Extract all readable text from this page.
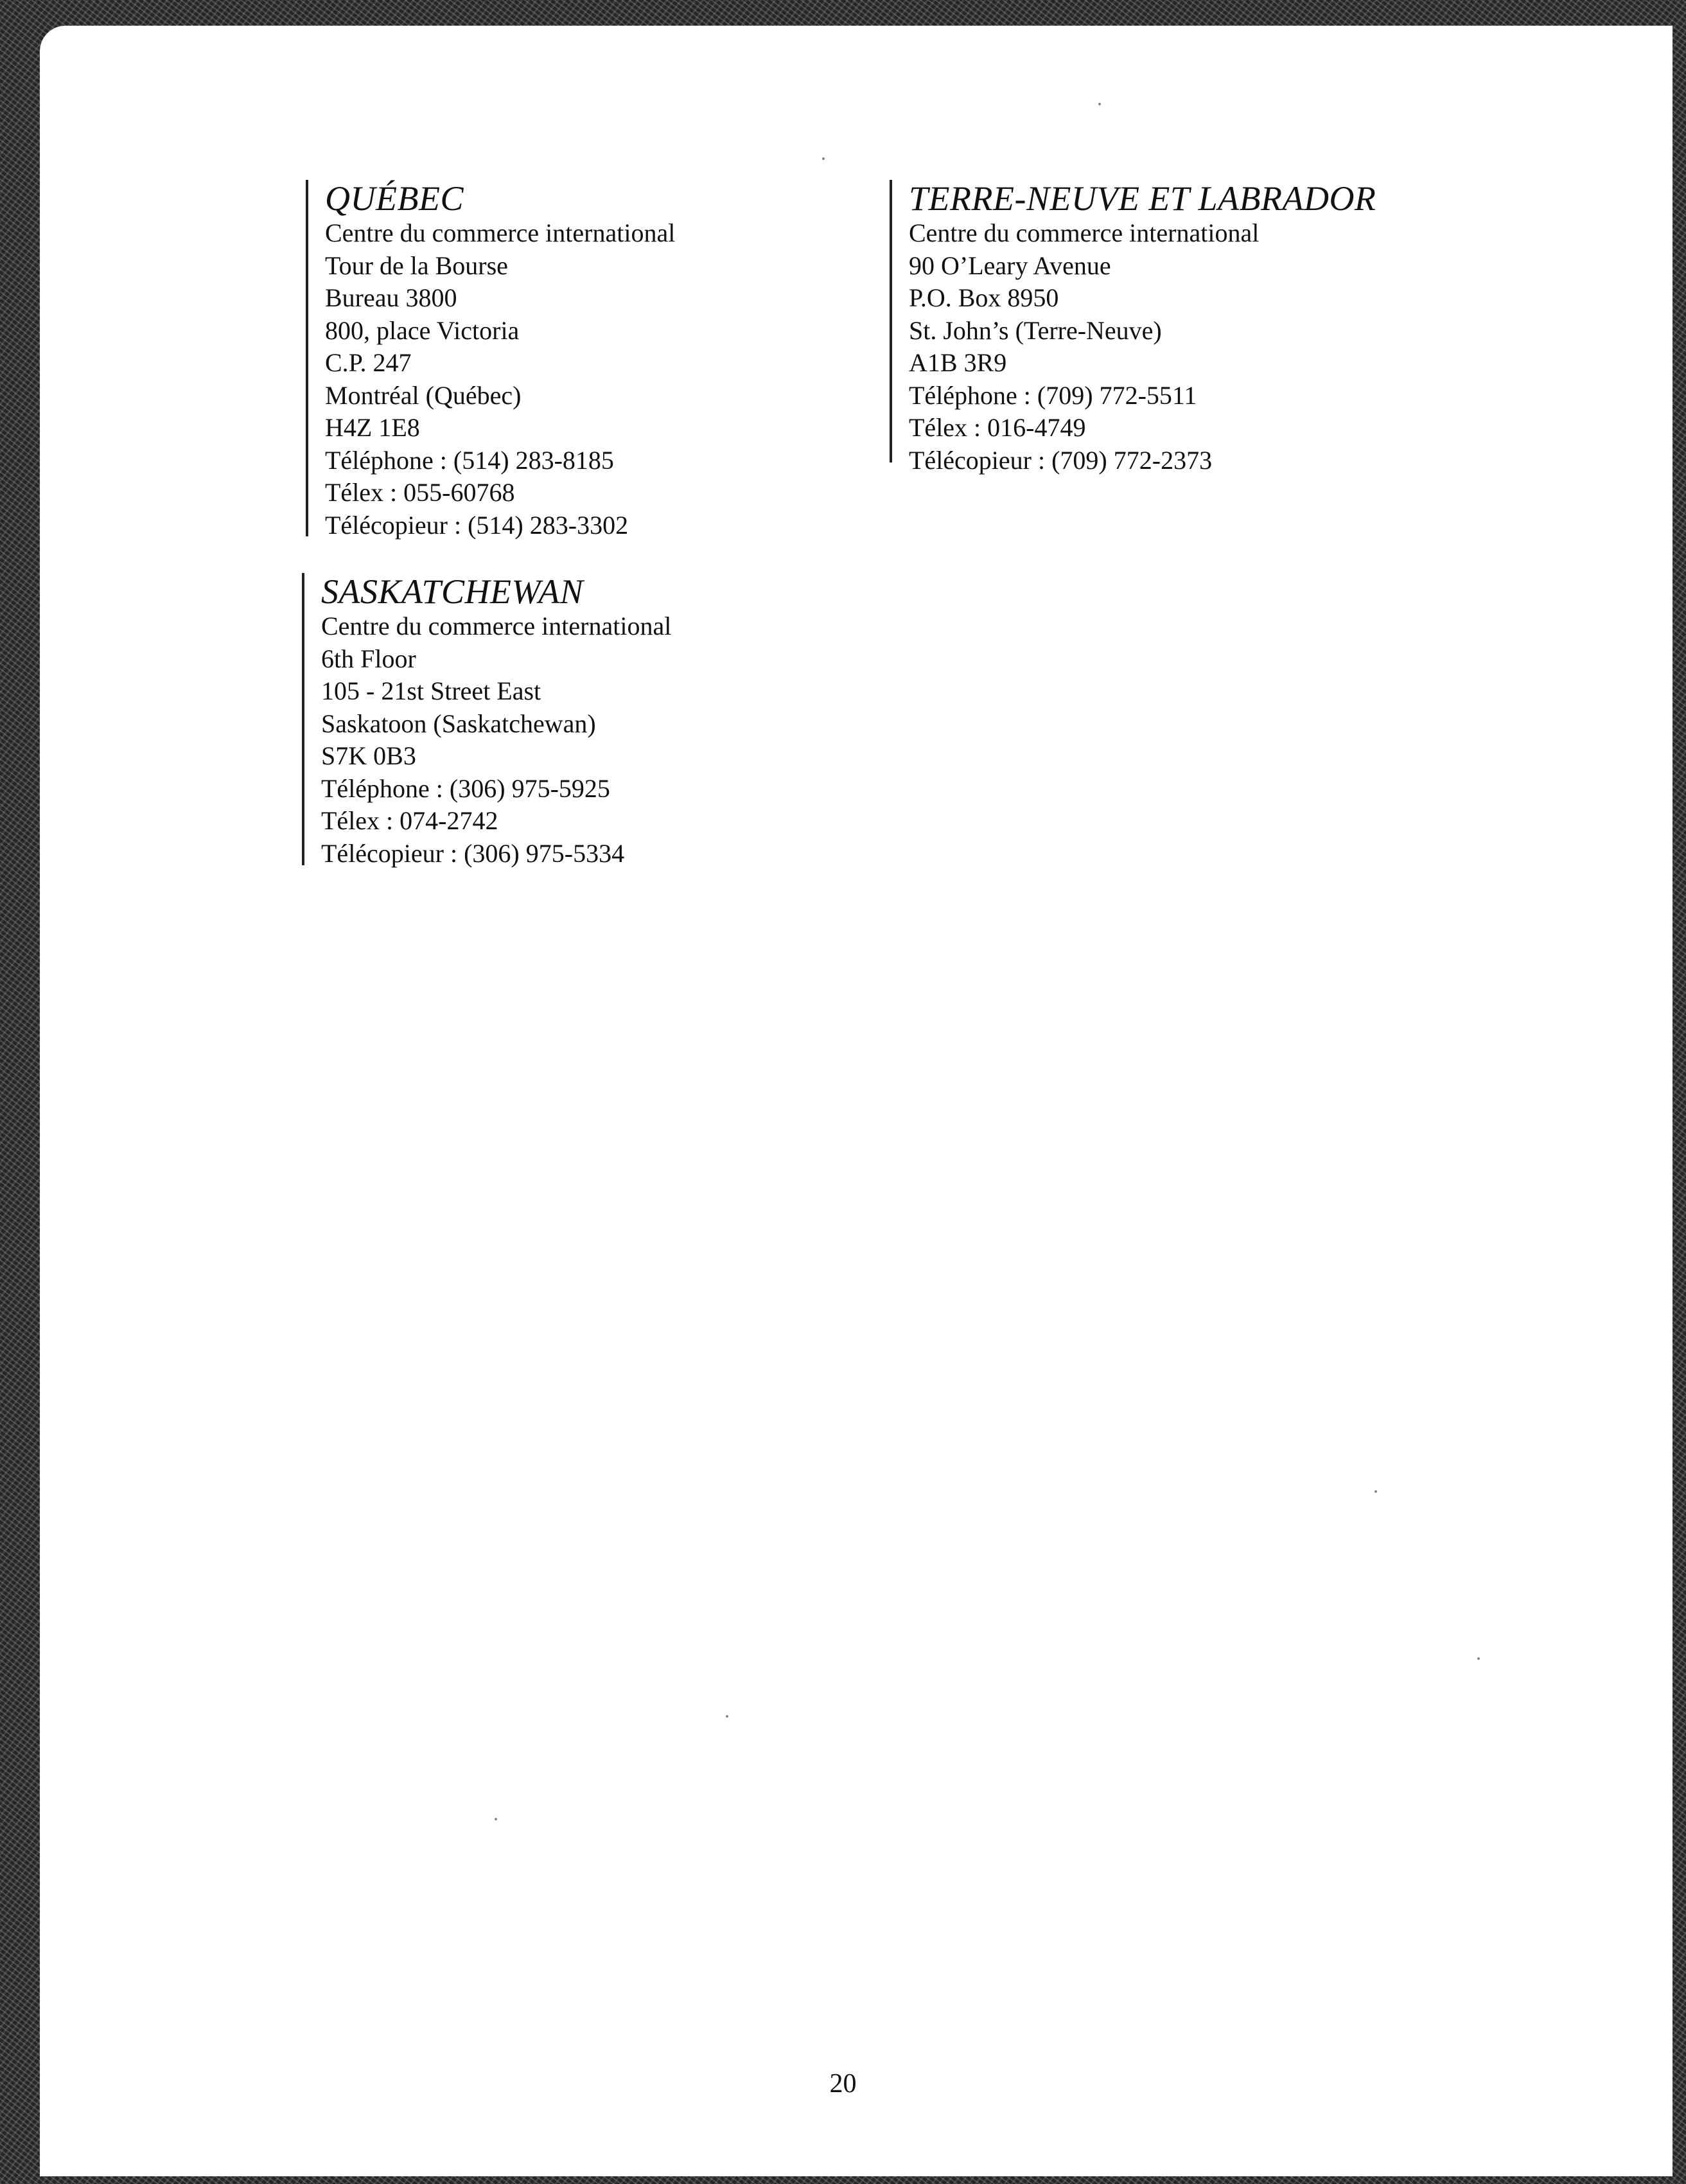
QUÉBEC
Centre du commerce international
Tour de la Bourse
Bureau 3800
800, place Victoria
C.P. 247
Montréal (Québec)
H4Z 1E8
Téléphone : (514) 283-8185
Télex : 055-60768
Télécopieur : (514) 283-3302
SASKATCHEWAN
Centre du commerce international
6th Floor
105 - 21st Street East
Saskatoon (Saskatchewan)
S7K 0B3
Téléphone : (306) 975-5925
Télex : 074-2742
Télécopieur : (306) 975-5334
TERRE-NEUVE ET LABRADOR
Centre du commerce international
90 O’Leary Avenue
P.O. Box 8950
St. John’s (Terre-Neuve)
A1B 3R9
Téléphone : (709) 772-5511
Télex : 016-4749
Télécopieur : (709) 772-2373
20
